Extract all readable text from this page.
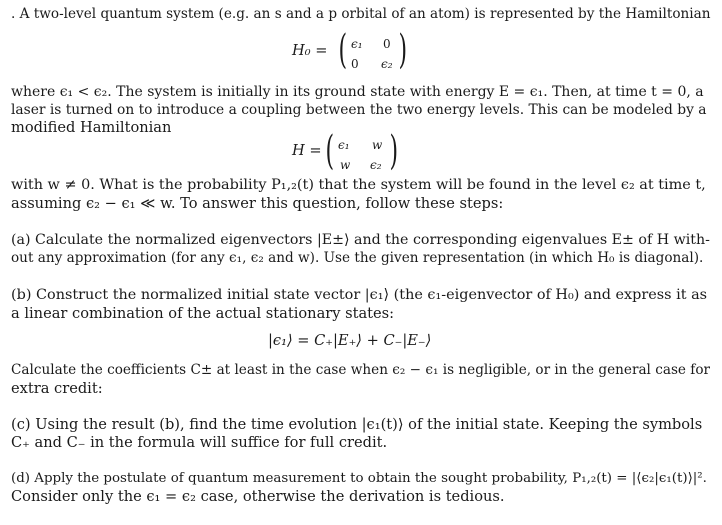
. A two-level quantum system (e.g. an s and a p orbital of an atom) is represented by the Hamiltonian
H₀ = ( ϵ₁ 0
0 ϵ₂ )
where ϵ₁ < ϵ₂. The system is initially in its ground state with energy E = ϵ₁. Then, at time t = 0, a
laser is turned on to introduce a coupling between the two energy levels. This can be modeled by a
modified Hamiltonian
H = ( ϵ₁ w
w ϵ₂ )
with w ≠ 0. What is the probability P₁,₂(t) that the system will be found in the level ϵ₂ at time t,
assuming ϵ₂ − ϵ₁ ≪ w. To answer this question, follow these steps:
(a) Calculate the normalized eigenvectors |E±⟩ and the corresponding eigenvalues E± of H with-
out any approximation (for any ϵ₁, ϵ₂ and w). Use the given representation (in which H₀ is diagonal).
(b) Construct the normalized initial state vector |ϵ₁⟩ (the ϵ₁-eigenvector of H₀) and express it as
a linear combination of the actual stationary states:
|ϵ₁⟩ = C₊|E₊⟩ + C₋|E₋⟩
Calculate the coefficients C± at least in the case when ϵ₂ − ϵ₁ is negligible, or in the general case for
extra credit:
(c) Using the result (b), find the time evolution |ϵ₁(t)⟩ of the initial state. Keeping the symbols
C₊ and C₋ in the formula will suffice for full credit.
(d) Apply the postulate of quantum measurement to obtain the sought probability, P₁,₂(t) = |⟨ϵ₂|ϵ₁(t)⟩|².
Consider only the ϵ₁ = ϵ₂ case, otherwise the derivation is tedious.
